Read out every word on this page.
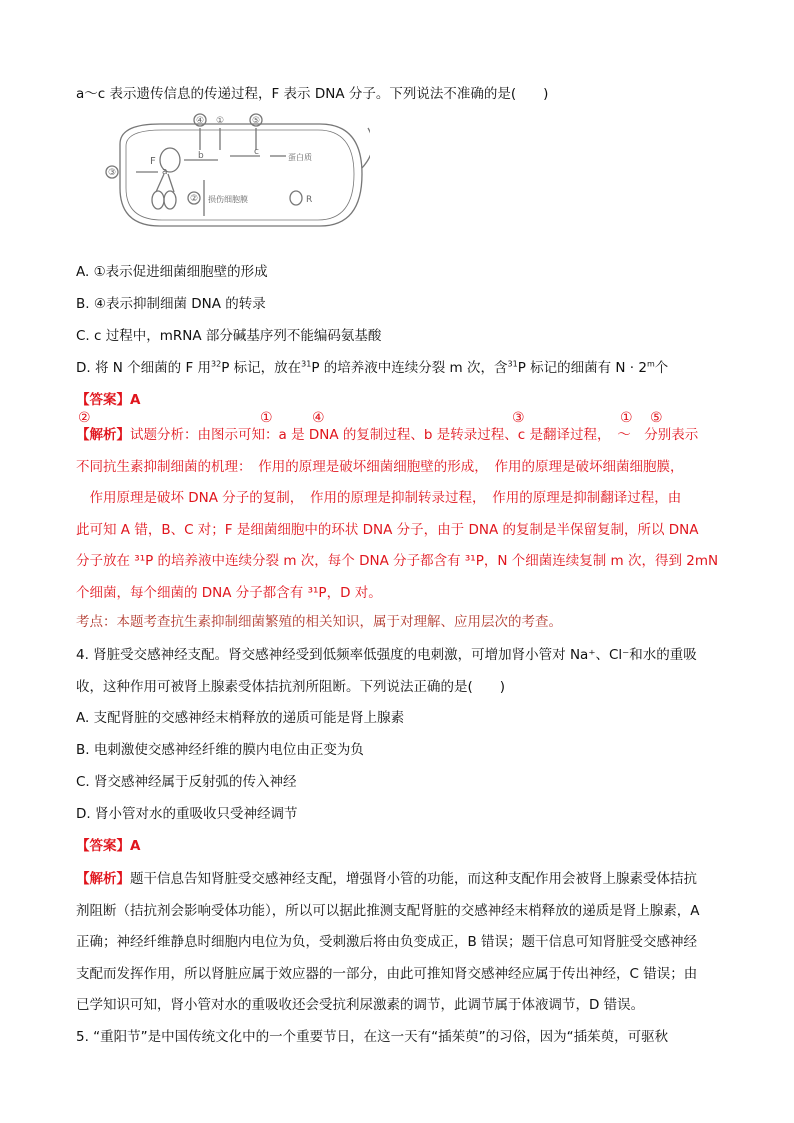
a～c 表示遗传信息的传递过程，F 表示 DNA 分子。下列说法不准确的是(　　)
④ ①	⑤
③
②
F
a
b	c
蛋白质
损伤细胞膜	R
A. ①表示促进细菌细胞壁的形成
B. ④表示抑制细菌 DNA 的转录
C. c 过程中，mRNA 部分碱基序列不能编码氨基酸
D. 将 N 个细菌的 F 用$^{32}$P 标记，放在$^{31}$P 的培养液中连续分裂 m 次，含$^{31}$P 标记的细菌有 $N \cdot 2^m$个
【答案】A
②	①	④	③	① ⑤
【解析】试题分析：由图示可知：a 是 DNA 的复制过程、b 是转录过程、c 是翻译过程，　～　分别表示
不同抗生素抑制细菌的机理：　作用的原理是破坏细菌细胞壁的形成，　作用的原理是破坏细菌细胞膜，
　作用原理是破坏 DNA 分子的复制，　作用的原理是抑制转录过程，　作用的原理是抑制翻译过程，由
此可知 A 错，B、C 对；F 是细菌细胞中的环状 DNA 分子，由于 DNA 的复制是半保留复制，所以 DNA
分子放在 ³¹P 的培养液中连续分裂 m 次，每个 DNA 分子都含有 ³¹P，N 个细菌连续复制 m 次，得到 2mN
个细菌，每个细菌的 DNA 分子都含有 ³¹P，D 对。
考点：本题考查抗生素抑制细菌繁殖的相关知识，属于对理解、应用层次的考查。
4. 肾脏受交感神经支配。肾交感神经受到低频率低强度的电刺激，可增加肾小管对 Na⁺、Cl⁻和水的重吸
收，这种作用可被肾上腺素受体拮抗剂所阻断。下列说法正确的是(　　)
A. 支配肾脏的交感神经末梢释放的递质可能是肾上腺素
B. 电刺激使交感神经纤维的膜内电位由正变为负
C. 肾交感神经属于反射弧的传入神经
D. 肾小管对水的重吸收只受神经调节
【答案】A
【解析】题干信息告知肾脏受交感神经支配，增强肾小管的功能，而这种支配作用会被肾上腺素受体拮抗
剂阻断（拮抗剂会影响受体功能），所以可以据此推测支配肾脏的交感神经末梢释放的递质是肾上腺素，A
正确；神经纤维静息时细胞内电位为负，受刺激后将由负变成正，B 错误；题干信息可知肾脏受交感神经
支配而发挥作用，所以肾脏应属于效应器的一部分，由此可推知肾交感神经应属于传出神经，C 错误；由
已学知识可知，肾小管对水的重吸收还会受抗利尿激素的调节，此调节属于体液调节，D 错误。
5. “重阳节”是中国传统文化中的一个重要节日，在这一天有“插茱萸”的习俗，因为“插茱萸，可驱秋
